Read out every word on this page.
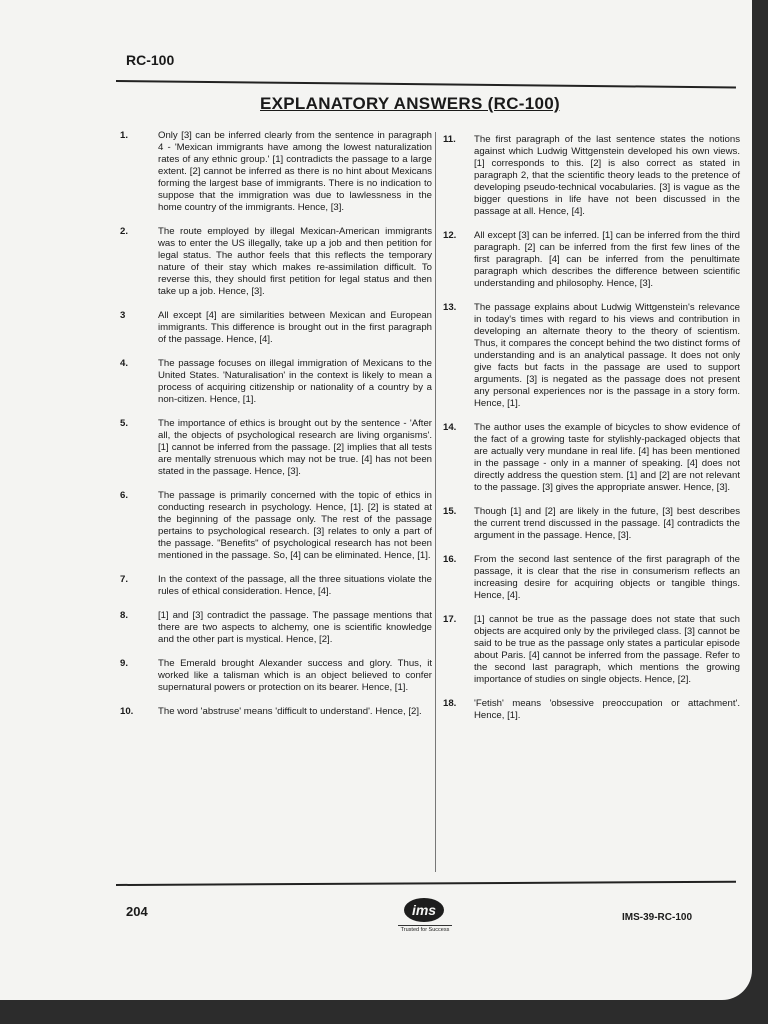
RC-100
EXPLANATORY ANSWERS (RC-100)
1.	Only [3] can be inferred clearly from the sentence in paragraph 4 - 'Mexican immigrants have among the lowest naturalization rates of any ethnic group.' [1] contradicts the passage to a large extent. [2] cannot be inferred as there is no hint about Mexicans forming the largest base of immigrants. There is no indication to suppose that the immigration was due to lawlessness in the home country of the immigrants. Hence, [3].
2.	The route employed by illegal Mexican-American immigrants was to enter the US illegally, take up a job and then petition for legal status. The author feels that this reflects the temporary nature of their stay which makes re-assimilation difficult. To reverse this, they should first petition for legal status and then take up a job. Hence, [3].
3	All except [4] are similarities between Mexican and European immigrants. This difference is brought out in the first paragraph of the passage. Hence, [4].
4.	The passage focuses on illegal immigration of Mexicans to the United States. 'Naturalisation' in the context is likely to mean a process of acquiring citizenship or nationality of a country by a non-citizen. Hence, [1].
5.	The importance of ethics is brought out by the sentence - 'After all, the objects of psychological research are living organisms'. [1] cannot be inferred from the passage. [2] implies that all tests are mentally strenuous which may not be true. [4] has not been stated in the passage. Hence, [3].
6.	The passage is primarily concerned with the topic of ethics in conducting research in psychology. Hence, [1]. [2] is stated at the beginning of the passage only. The rest of the passage pertains to psychological research. [3] relates to only a part of the passage. "Benefits" of psychological research has not been mentioned in the passage. So, [4] can be eliminated. Hence, [1].
7.	In the context of the passage, all the three situations violate the rules of ethical consideration. Hence, [4].
8.	[1] and [3] contradict the passage. The passage mentions that there are two aspects to alchemy, one is scientific knowledge and the other part is mystical. Hence, [2].
9.	The Emerald brought Alexander success and glory. Thus, it worked like a talisman which is an object believed to confer supernatural powers or protection on its bearer. Hence, [1].
10.	The word 'abstruse' means 'difficult to understand'. Hence, [2].
11. The first paragraph of the last sentence states the notions against which Ludwig Wittgenstein developed his own views. [1] corresponds to this. [2] is also correct as stated in paragraph 2, that the scientific theory leads to the pretence of developing pseudo-technical vocabularies. [3] is vague as the bigger questions in life have not been discussed in the passage at all. Hence, [4].
12. All except [3] can be inferred. [1] can be inferred from the third paragraph. [2] can be inferred from the first few lines of the first paragraph. [4] can be inferred from the penultimate paragraph which describes the difference between scientific understanding and philosophy. Hence, [3].
13. The passage explains about Ludwig Wittgenstein's relevance in today's times with regard to his views and contribution in developing an alternate theory to the theory of scientism. Thus, it compares the concept behind the two distinct forms of understanding and is an analytical passage. It does not only give facts but facts in the passage are used to support arguments. [3] is negated as the passage does not present any personal experiences nor is the passage in a story form. Hence, [1].
14. The author uses the example of bicycles to show evidence of the fact of a growing taste for stylishly-packaged objects that are actually very mundane in real life. [4] has been mentioned in the passage - only in a manner of speaking. [4] does not directly address the question stem. [1] and [2] are not relevant to the passage. [3] gives the appropriate answer. Hence, [3].
15. Though [1] and [2] are likely in the future, [3] best describes the current trend discussed in the passage. [4] contradicts the argument in the passage. Hence, [3].
16. From the second last sentence of the first paragraph of the passage, it is clear that the rise in consumerism reflects an increasing desire for acquiring objects or tangible things. Hence, [4].
17. [1] cannot be true as the passage does not state that such objects are acquired only by the privileged class. [3] cannot be said to be true as the passage only states a particular episode about Paris. [4] cannot be inferred from the passage. Refer to the second last paragraph, which mentions the growing importance of studies on single objects. Hence, [2].
18. 'Fetish' means 'obsessive preoccupation or attachment'. Hence, [1].
204	ims
Trusted for Success
IMS-39-RC-100
